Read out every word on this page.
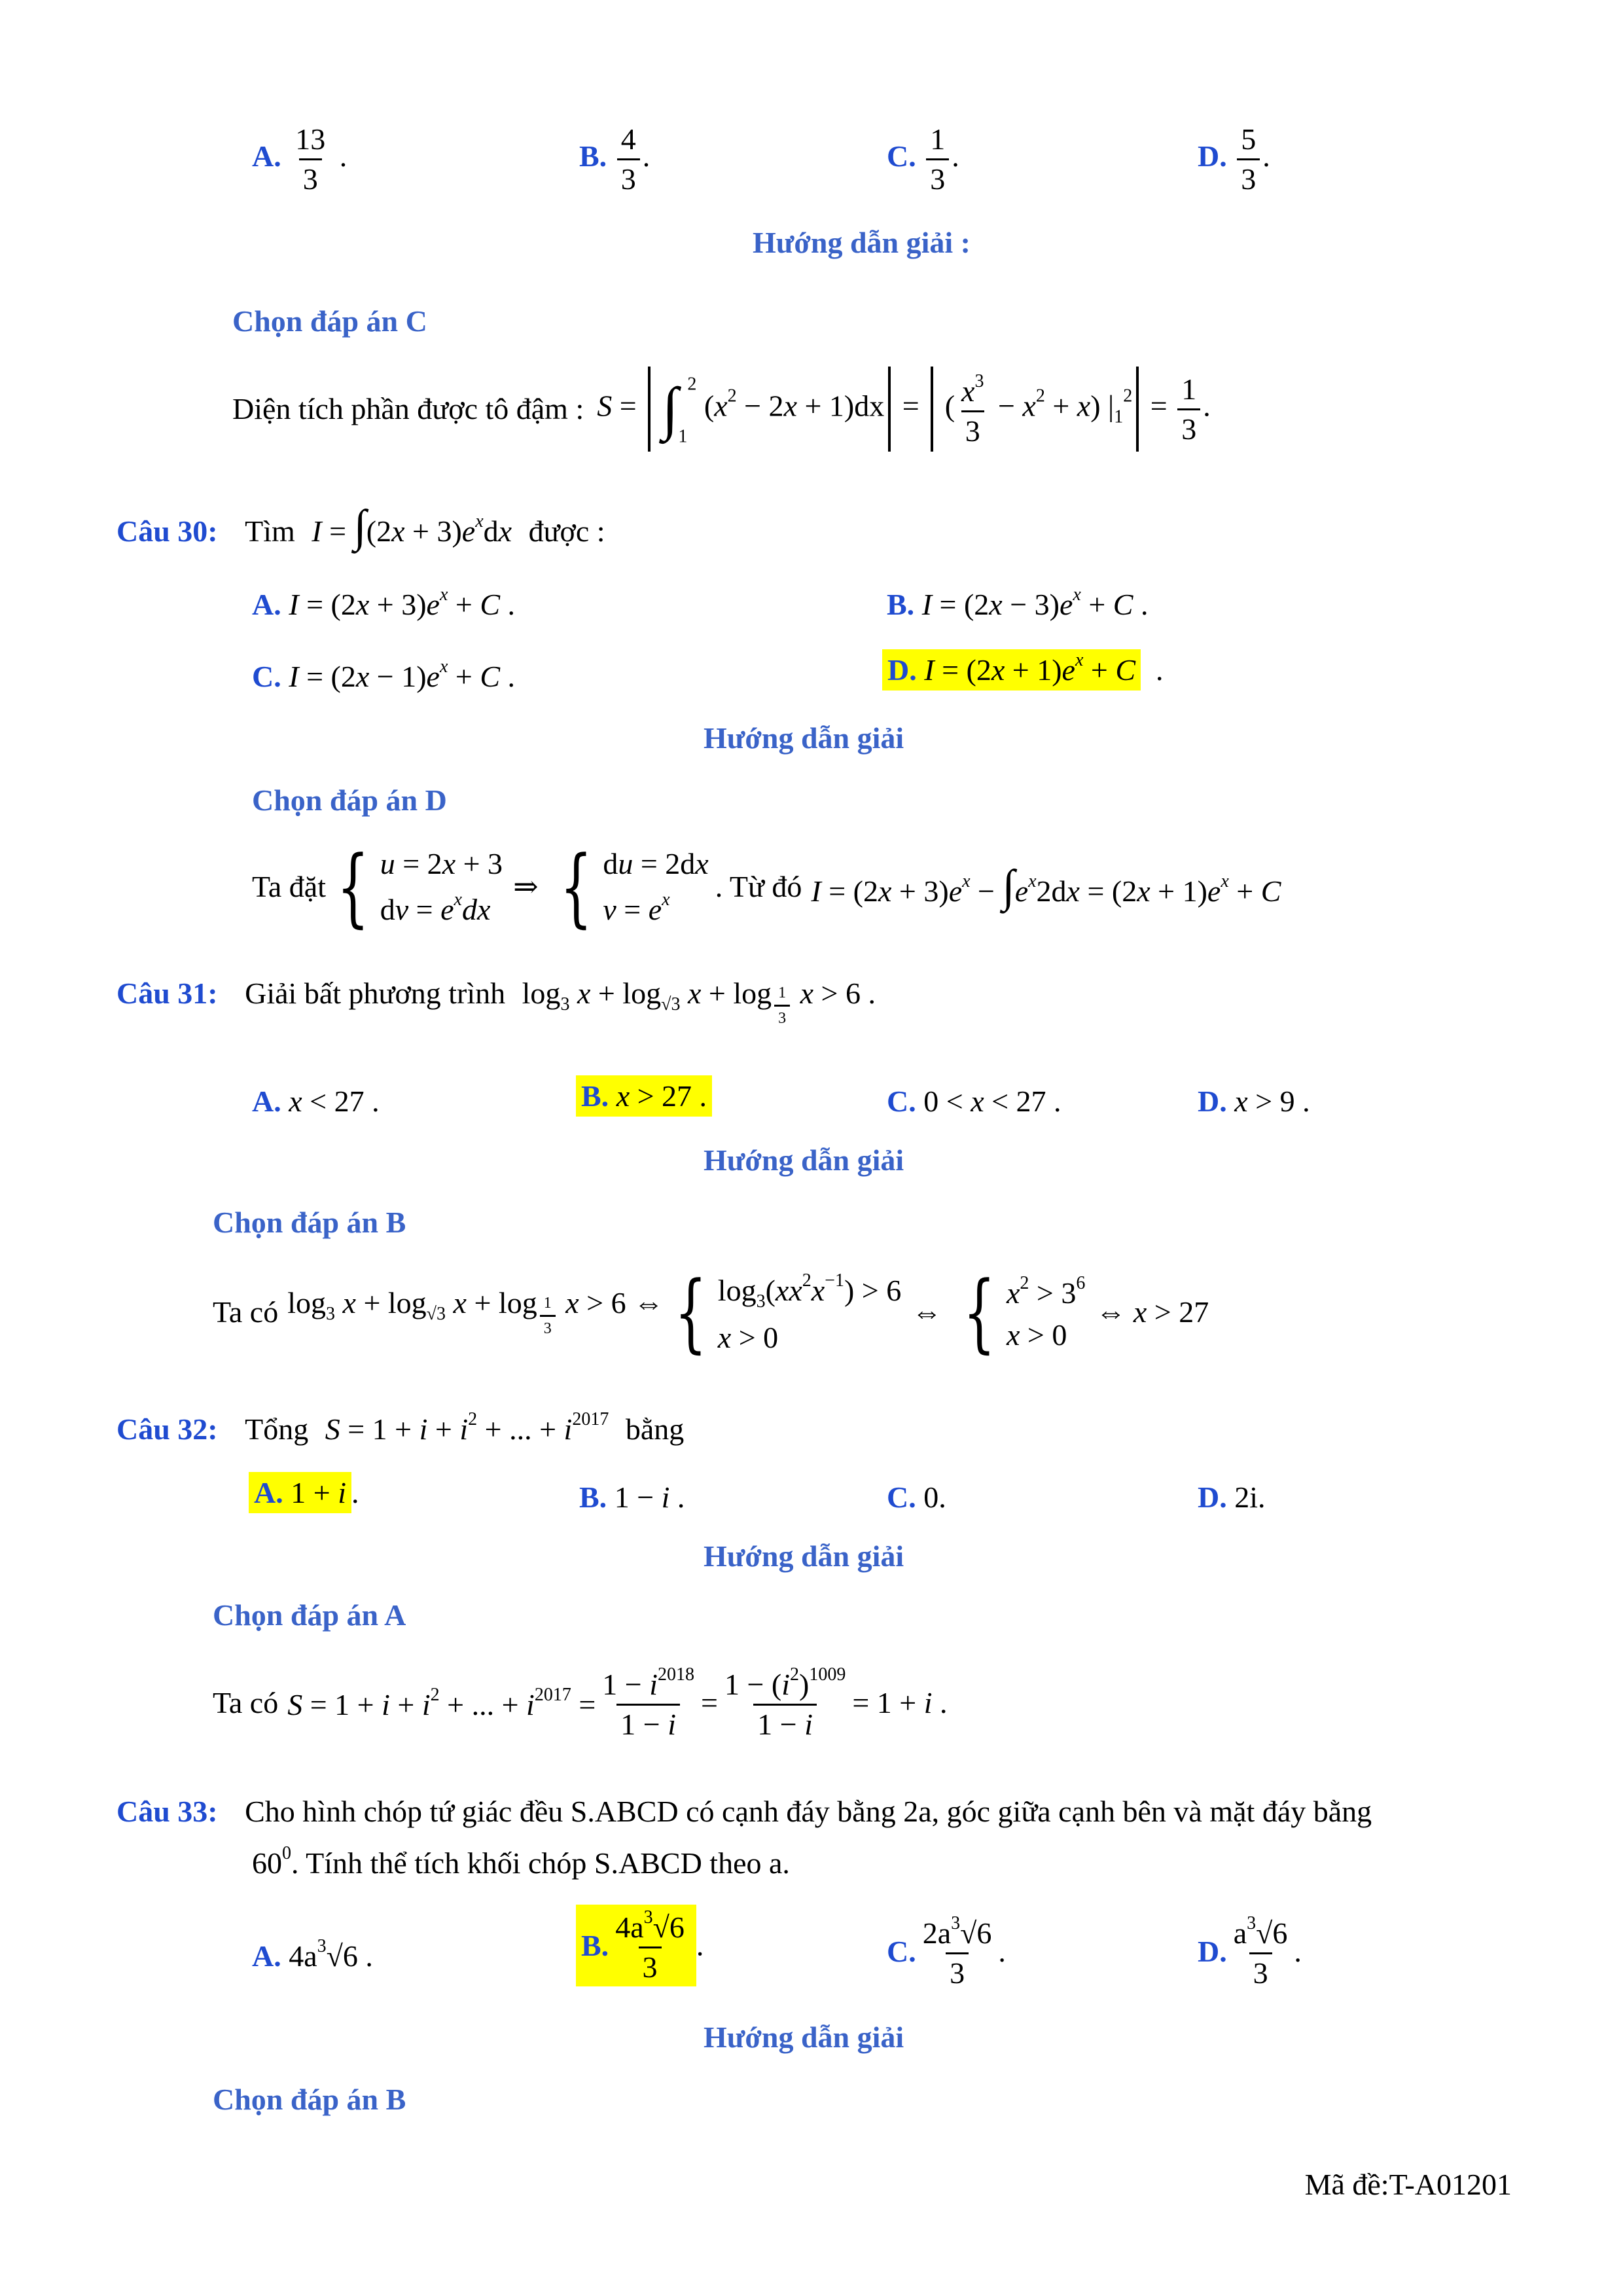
A. $\frac{13}{3}$ .	B. $\frac{4}{3}$ .	C. $\frac{1}{3}$ .	D. $\frac{5}{3}$ .
Hướng dẫn giải :
Chọn đáp án C
Diện tích phần được tô đậm : $S = \int_1^2$ $(x^2 - 2x + 1)dx$ =  ( $\frac{x^3}{3} - x^2 + x$) $|_1^2 = \frac{1}{3}$ .
Câu 30: Tìm $I = \int(2x + 3)e^xdx$ được :
A. $I = (2x + 3)e^x + C$ .	B. $I = (2x - 3)e^x + C$ .
C. $I = (2x - 1)e^x + C$ .	D. $I = (2x + 1)e^x + C$  .
Hướng dẫn giải
Chọn đáp án D
Ta đặt { u = 2x + 3
dv = $e^xdx$
⇒ { du = 2dx
$v = e^x$	. Từ đó $I = (2x + 3)e^x - \int e^x2dx = (2x + 1)e^x + C$
Câu 31: Giải bất phương trình $\log_3 x + \log_{√3} x + \log _{\frac{1}{3}}$ x > 6 .
A. x < 27 .	B. x > 27 .	C. 0 < x < 27 .	D. x > 9 .
Hướng dẫn giải
Chọn đáp án B
Ta có $\log_3 x + \log_{√3} x + \log _{\frac{1}{3}}$ x > 6 ⇔ { $\log_3(xx^2x^{-1}) > 6$
x > 0
⇔ { $x^2 > 3^6$
x > 0
⇔ x > 27
Câu 32: Tổng $S = 1 + i + i^2$ + ... + $i^{2017}$ bằng
A. 1 + i .	B. 1 − i .	C. 0.	D. 2i.
Hướng dẫn giải
Chọn đáp án A
Ta có $S = 1 + i + i^2$ + ... + $i^{2017} = \frac{1 - i^{2018}}{1 - i} = \frac{1 - (i^2)^{1009}}{1 - i} = 1 + i$ .
Câu 33: Cho hình chóp tứ giác đều S.ABCD có cạnh đáy bằng 2a, góc giữa cạnh bên và mặt đáy bằng
$60^0$. Tính thể tích khối chóp S.ABCD theo a.
A. $4a^3√6$ .	B. $\frac{4a^3√6}{3}$ .	C. $\frac{2a^3√6}{3}$ .	D. $\frac{a^3√6}{3}$ .
Hướng dẫn giải
Chọn đáp án B
Mã đề:T-A01201
